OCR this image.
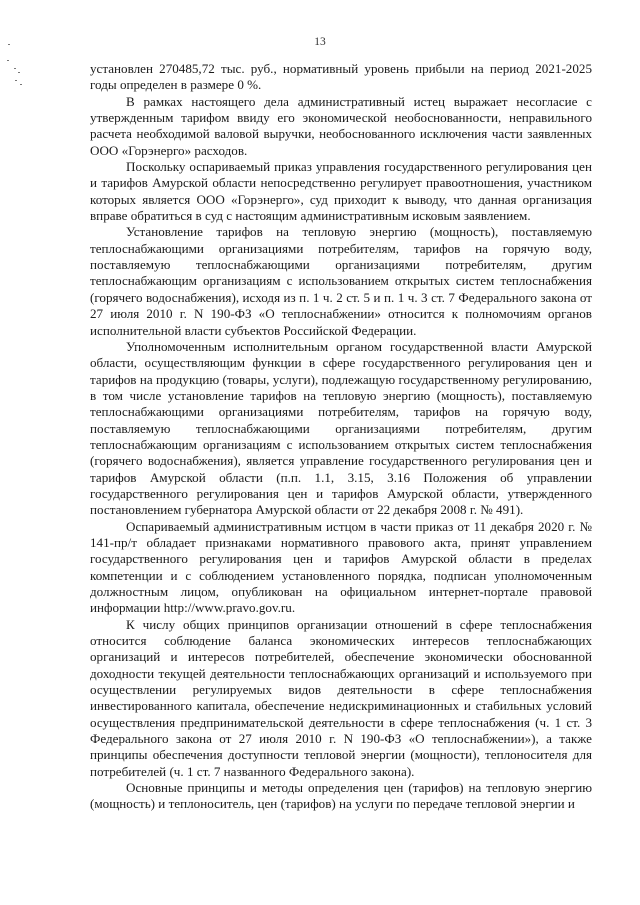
13

установлен 270485,72 тыс. руб., нормативный уровень прибыли на период 2021-2025 годы определен в размере 0 %.

В рамках настоящего дела административный истец выражает несогласие с утвержденным тарифом ввиду его экономической необоснованности, неправильного расчета необходимой валовой выручки, необоснованного исключения части заявленных ООО «Горэнерго» расходов.

Поскольку оспариваемый приказ управления государственного регулирования цен и тарифов Амурской области непосредственно регулирует правоотношения, участником которых является ООО «Горэнерго», суд приходит к выводу, что данная организация вправе обратиться в суд с настоящим административным исковым заявлением.

Установление тарифов на тепловую энергию (мощность), поставляемую теплоснабжающими организациями потребителям, тарифов на горячую воду, поставляемую теплоснабжающими организациями потребителям, другим теплоснабжающим организациям с использованием открытых систем теплоснабжения (горячего водоснабжения), исходя из п. 1 ч. 2 ст. 5 и п. 1 ч. 3 ст. 7 Федерального закона от 27 июля 2010 г. N 190-ФЗ «О теплоснабжении» относится к полномочиям органов исполнительной власти субъектов Российской Федерации.

Уполномоченным исполнительным органом государственной власти Амурской области, осуществляющим функции в сфере государственного регулирования цен и тарифов на продукцию (товары, услуги), подлежащую государственному регулированию, в том числе установление тарифов на тепловую энергию (мощность), поставляемую теплоснабжающими организациями потребителям, тарифов на горячую воду, поставляемую теплоснабжающими организациями потребителям, другим теплоснабжающим организациям с использованием открытых систем теплоснабжения (горячего водоснабжения), является управление государственного регулирования цен и тарифов Амурской области (п.п. 1.1, 3.15, 3.16 Положения об управлении государственного регулирования цен и тарифов Амурской области, утвержденного постановлением губернатора Амурской области от 22 декабря 2008 г. № 491).

Оспариваемый административным истцом в части приказ от 11 декабря 2020 г. № 141-пр/т обладает признаками нормативного правового акта, принят управлением государственного регулирования цен и тарифов Амурской области в пределах компетенции и с соблюдением установленного порядка, подписан уполномоченным должностным лицом, опубликован на официальном интернет-портале правовой информации http://www.pravo.gov.ru.

К числу общих принципов организации отношений в сфере теплоснабжения относится соблюдение баланса экономических интересов теплоснабжающих организаций и интересов потребителей, обеспечение экономически обоснованной доходности текущей деятельности теплоснабжающих организаций и используемого при осуществлении регулируемых видов деятельности в сфере теплоснабжения инвестированного капитала, обеспечение недискриминационных и стабильных условий осуществления предпринимательской деятельности в сфере теплоснабжения (ч. 1 ст. 3 Федерального закона от 27 июля 2010 г. N 190-ФЗ «О теплоснабжении»), а также принципы обеспечения доступности тепловой энергии (мощности), теплоносителя для потребителей (ч. 1 ст. 7 названного Федерального закона).

Основные принципы и методы определения цен (тарифов) на тепловую энергию (мощность) и теплоноситель, цен (тарифов) на услуги по передаче тепловой энергии и
